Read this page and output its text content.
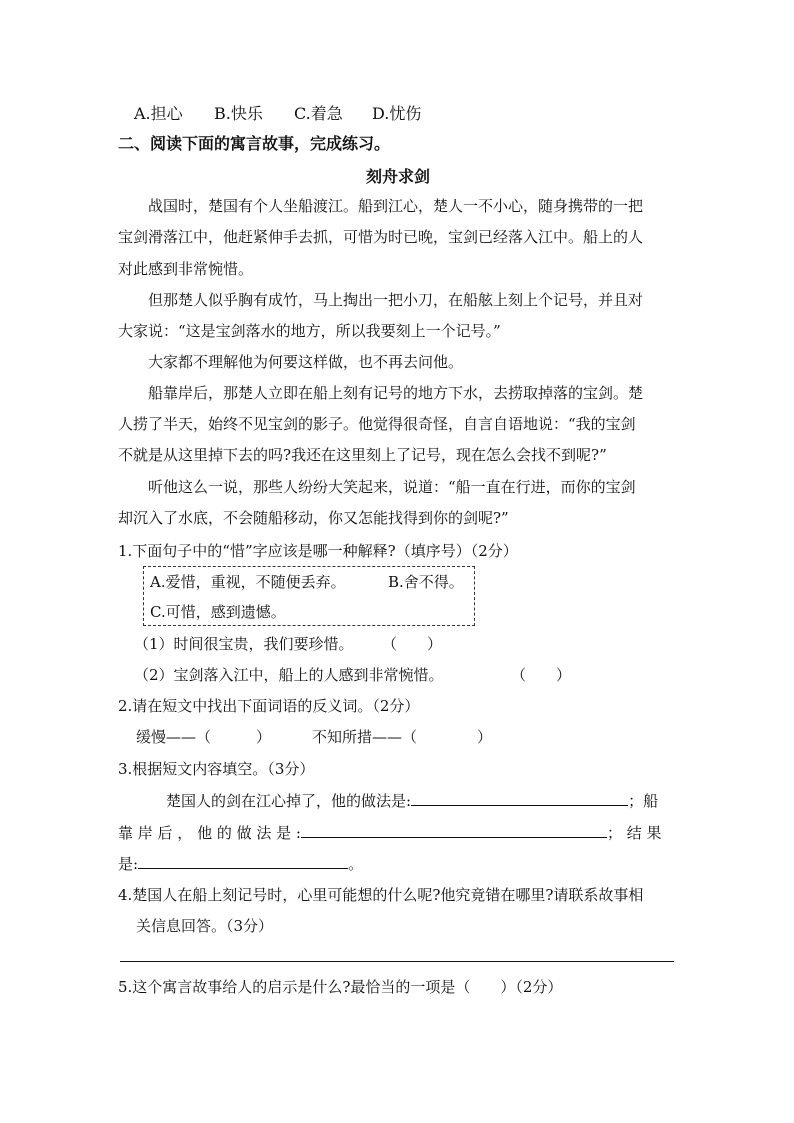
A.担心 B.快乐 C.着急 D.忧伤
二、阅读下面的寓言故事，完成练习。
刻舟求剑
战国时，楚国有个人坐船渡江。船到江心，楚人一不小心，随身携带的一把
宝剑滑落江中，他赶紧伸手去抓，可惜为时已晚，宝剑已经落入江中。船上的人
对此感到非常惋惜。
但那楚人似乎胸有成竹，马上掏出一把小刀，在船舷上刻上个记号，并且对
大家说：“这是宝剑落水的地方，所以我要刻上一个记号。”
大家都不理解他为何要这样做，也不再去问他。
船靠岸后，那楚人立即在船上刻有记号的地方下水，去捞取掉落的宝剑。楚
人捞了半天，始终不见宝剑的影子。他觉得很奇怪，自言自语地说：“我的宝剑
不就是从这里掉下去的吗?我还在这里刻上了记号，现在怎么会找不到呢?”
听他这么一说，那些人纷纷大笑起来，说道：“船一直在行进，而你的宝剑
却沉入了水底，不会随船移动，你又怎能找得到你的剑呢?”
1.下面句子中的“惜”字应该是哪一种解释?（填序号）（2分）
A.爱惜，重视，不随便丢弃。	B.舍不得。
C.可惜，感到遗憾。
（1）时间很宝贵，我们要珍惜。 （　　）
（2）宝剑落入江中，船上的人感到非常惋惜。	（　　）
2.请在短文中找出下面词语的反义词。（2分）
缓慢——（　　　）	不知所措——（　　　　）
3.根据短文内容填空。（3分）
楚国人的剑在江心掉了，他的做法是:	；船
靠 岸 后 ， 他 的 做 法 是 :	； 结 果
是:	。
4.楚国人在船上刻记号时，心里可能想的什么呢?他究竟错在哪里?请联系故事相
关信息回答。（3分）
5.这个寓言故事给人的启示是什么?最恰当的一项是（　　）（2分）
